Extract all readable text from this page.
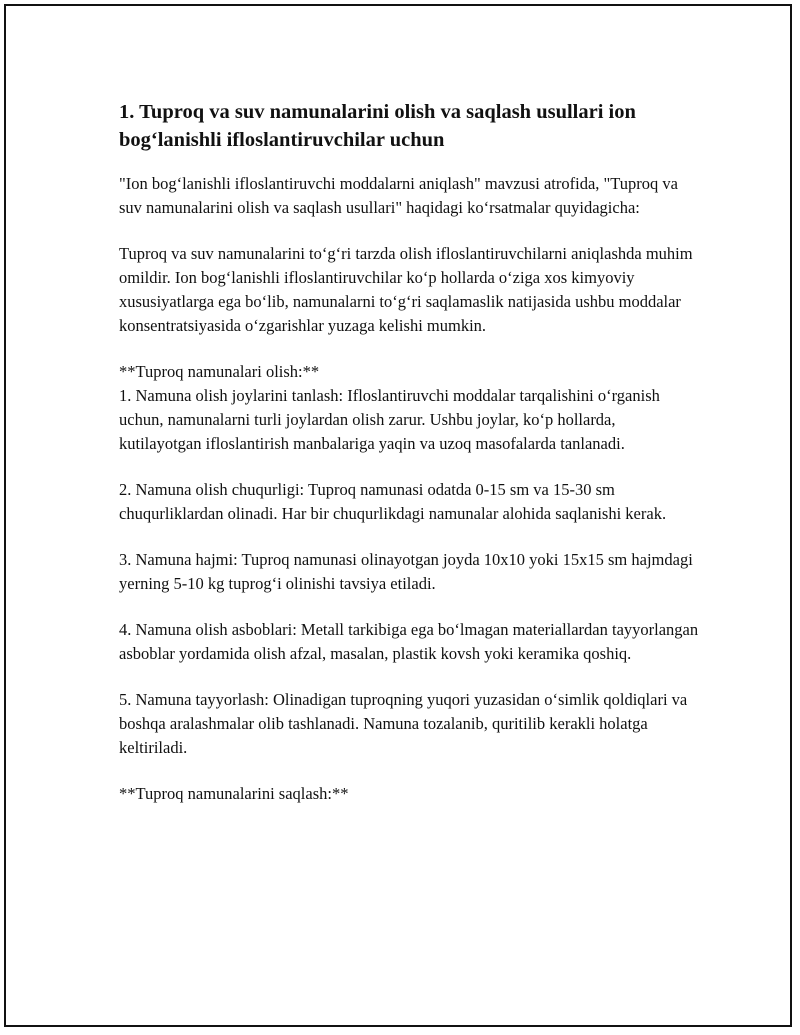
1. Tuproq va suv namunalarini olish va saqlash usullari ion bog‘lanishli ifloslantiruvchilar uchun
"Ion bog‘lanishli ifloslantiruvchi moddalarni aniqlash" mavzusi atrofida, "Tuproq va suv namunalarini olish va saqlash usullari" haqidagi ko‘rsatmalar quyidagicha:
Tuproq va suv namunalarini to‘g‘ri tarzda olish ifloslantiruvchilarni aniqlashda muhim omildir. Ion bog‘lanishli ifloslantiruvchilar ko‘p hollarda o‘ziga xos kimyoviy xususiyatlarga ega bo‘lib, namunalarni to‘g‘ri saqlamaslik natijasida ushbu moddalar konsentratsiyasida o‘zgarishlar yuzaga kelishi mumkin.
**Tuproq namunalari olish:**
1. Namuna olish joylarini tanlash: Ifloslantiruvchi moddalar tarqalishini o‘rganish uchun, namunalarni turli joylardan olish zarur. Ushbu joylar, ko‘p hollarda, kutilayotgan ifloslantirish manbalariga yaqin va uzoq masofalarda tanlanadi.
2. Namuna olish chuqurligi: Tuproq namunasi odatda 0-15 sm va 15-30 sm chuqurliklardan olinadi. Har bir chuqurlikdagi namunalar alohida saqlanishi kerak.
3. Namuna hajmi: Tuproq namunasi olinayotgan joyda 10x10 yoki 15x15 sm hajmdagi yerning 5-10 kg tuprog‘i olinishi tavsiya etiladi.
4. Namuna olish asboblari: Metall tarkibiga ega bo‘lmagan materiallardan tayyorlangan asboblar yordamida olish afzal, masalan, plastik kovsh yoki keramika qoshiq.
5. Namuna tayyorlash: Olinadigan tuproqning yuqori yuzasidan o‘simlik qoldiqlari va boshqa aralashmalar olib tashlanadi. Namuna tozalanib, quritilib kerakli holatga keltiriladi.
**Tuproq namunalarini saqlash:**
